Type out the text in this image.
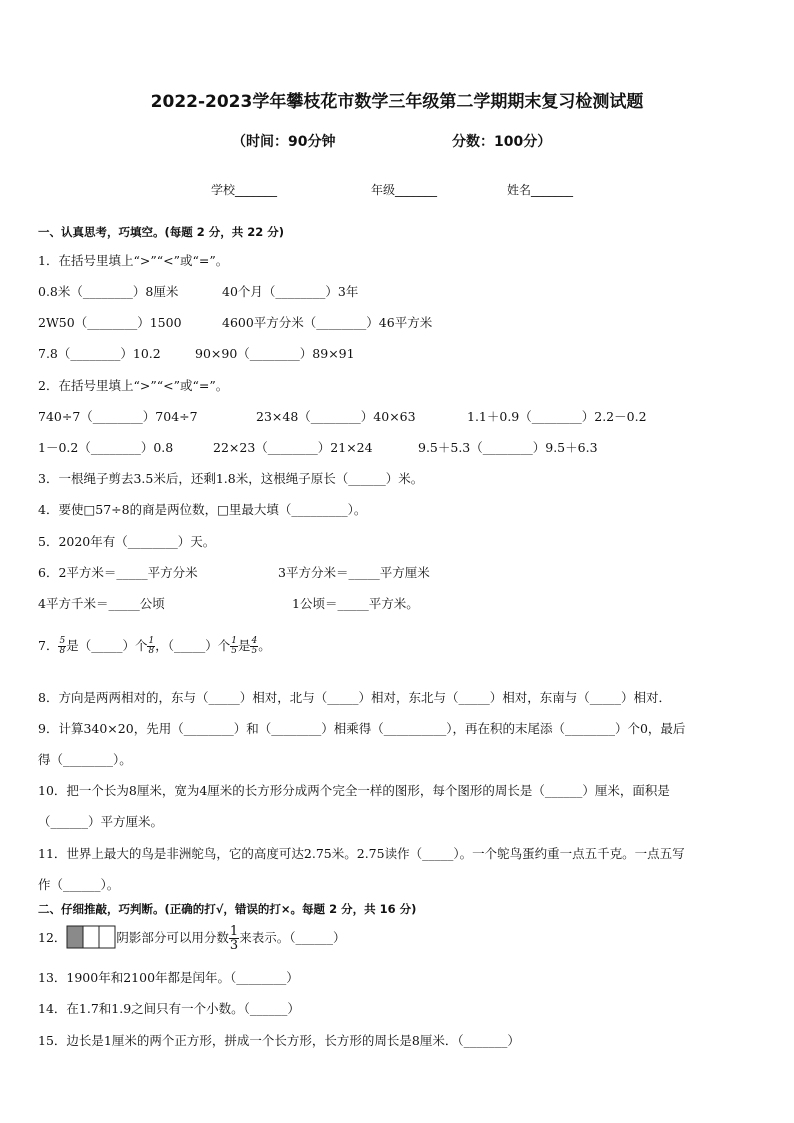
2022-2023学年攀枝花市数学三年级第二学期期末复习检测试题
（时间：90分钟	分数：100分）
学校_______	年级_______	姓名_______
一、认真思考，巧填空。(每题 2 分，共 22 分)
1．在括号里填上“>”“<”或“=”。
0.8米（________）8厘米	40个月（________）3年
2W50（________）1500	4600平方分米（________）46平方米
7.8（________）10.2	90×90（________）89×91
2．在括号里填上“>”“<”或“=”。
740÷7（________）704÷7	23×48（________）40×63	1.1＋0.9（________）2.2－0.2
1－0.2（________）0.8	22×23（________）21×24	9.5＋5.3（________）9.5＋6.3
3．一根绳子剪去3.5米后，还剩1.8米，这根绳子原长（______）米。
4．要使□57÷8的商是两位数，□里最大填（_________）。
5．2020年有（________）天。
6．2平方米＝_____平方分米	3平方分米＝_____平方厘米
4平方千米＝_____公顷	1公顷＝_____平方米。
7． $\frac{5}{8}$ 是（_____）个 $\frac{1}{8}$ ，（_____）个 $\frac{1}{5}$ 是 $\frac{4}{5}$ 。
8．方向是两两相对的，东与（_____）相对，北与（_____）相对，东北与（_____）相对，东南与（_____）相对．
9．计算340×20，先用（________）和（________）相乘得（__________），再在积的末尾添（________）个0，最后
得（________）。
10．把一个长为8厘米，宽为4厘米的长方形分成两个完全一样的图形，每个图形的周长是（______）厘米，面积是
（______）平方厘米。
11．世界上最大的鸟是非洲鸵鸟，它的高度可达2.75米。2.75读作（_____）。一个鸵鸟蛋约重一点五千克。一点五写
作（______）。
二、仔细推敲，巧判断。(正确的打√，错误的打×。每题 2 分，共 16 分)
12．	阴影部分可以用分数 $\frac{1}{3}$ 来表示。（______）
13．1900年和2100年都是闰年。（________）
14．在1.7和1.9之间只有一个小数。（______）
15．边长是1厘米的两个正方形，拼成一个长方形，长方形的周长是8厘米．（_______）
